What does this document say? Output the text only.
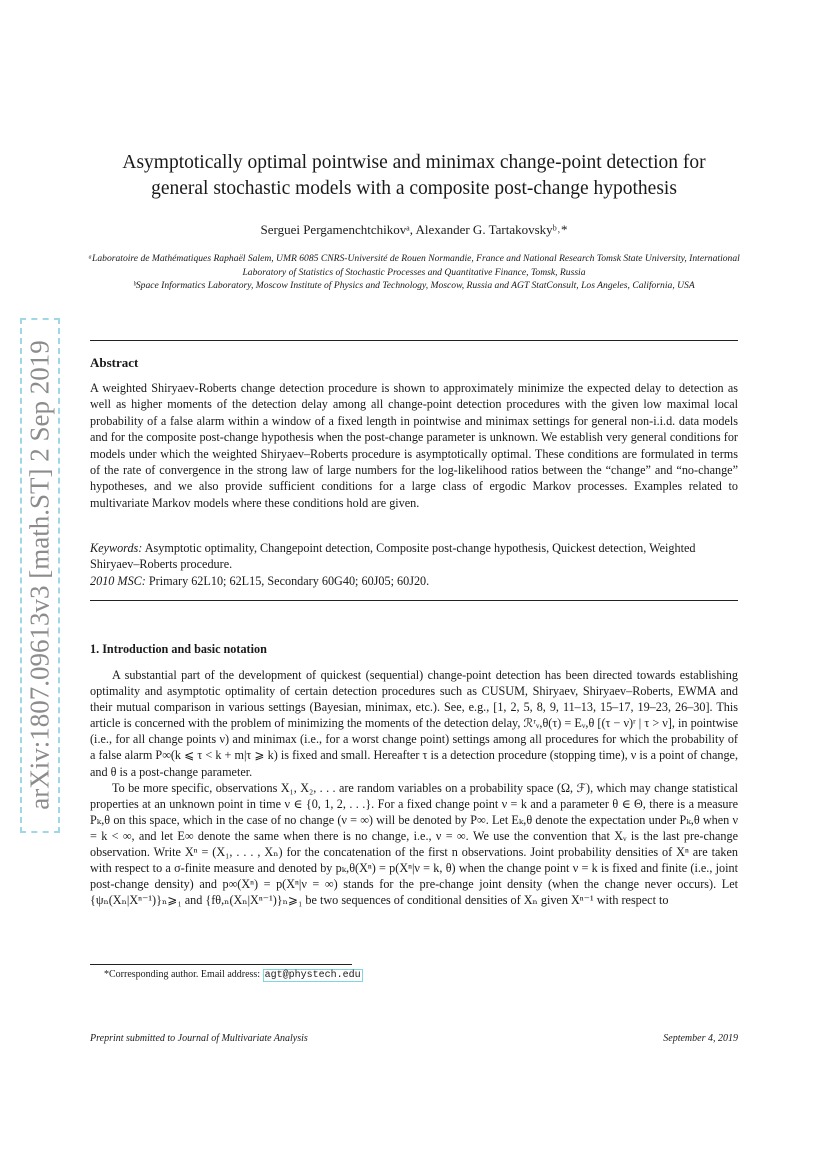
arXiv:1807.09613v3 [math.ST] 2 Sep 2019
Asymptotically optimal pointwise and minimax change-point detection for
general stochastic models with a composite post-change hypothesis
Serguei Pergamenchtchikovᵃ, Alexander G. Tartakovskyᵇ˒*
ᵃLaboratoire de Mathématiques Raphaël Salem, UMR 6085 CNRS-Université de Rouen Normandie, France and National Research Tomsk State University, International Laboratory of Statistics of Stochastic Processes and Quantitative Finance, Tomsk, Russia
ᵇSpace Informatics Laboratory, Moscow Institute of Physics and Technology, Moscow, Russia and AGT StatConsult, Los Angeles, California, USA
Abstract
A weighted Shiryaev-Roberts change detection procedure is shown to approximately minimize the expected delay to detection as well as higher moments of the detection delay among all change-point detection procedures with the given low maximal local probability of a false alarm within a window of a fixed length in pointwise and minimax settings for general non-i.i.d. data models and for the composite post-change hypothesis when the post-change parameter is unknown. We establish very general conditions for models under which the weighted Shiryaev–Roberts procedure is asymptotically optimal. These conditions are formulated in terms of the rate of convergence in the strong law of large numbers for the log-likelihood ratios between the “change” and “no-change” hypotheses, and we also provide sufficient conditions for a large class of ergodic Markov processes. Examples related to multivariate Markov models where these conditions hold are given.
Keywords: Asymptotic optimality, Changepoint detection, Composite post-change hypothesis, Quickest detection, Weighted Shiryaev–Roberts procedure.
2010 MSC: Primary 62L10; 62L15, Secondary 60G40; 60J05; 60J20.
1. Introduction and basic notation

A substantial part of the development of quickest (sequential) change-point detection has been directed towards establishing optimality and asymptotic optimality of certain detection procedures such as CUSUM, Shiryaev, Shiryaev–Roberts, EWMA and their mutual comparison in various settings (Bayesian, minimax, etc.). See, e.g., [1, 2, 5, 8, 9, 11–13, 15–17, 19–23, 26–30]. This article is concerned with the problem of minimizing the moments of the detection delay, ℛʳᵥ,θ(τ) = Eᵥ,θ [(τ − ν)ʳ | τ > ν], in pointwise (i.e., for all change points ν) and minimax (i.e., for a worst change point) settings among all procedures for which the probability of a false alarm P∞(k ⩽ τ < k + m|τ ⩾ k) is fixed and small. Hereafter τ is a detection procedure (stopping time), ν is a point of change, and θ is a post-change parameter.

To be more specific, observations X₁, X₂, . . . are random variables on a probability space (Ω, ℱ), which may change statistical properties at an unknown point in time ν ∈ {0, 1, 2, . . .}. For a fixed change point ν = k and a parameter θ ∈ Θ, there is a measure Pₖ,θ on this space, which in the case of no change (ν = ∞) will be denoted by P∞. Let Eₖ,θ denote the expectation under Pₖ,θ when ν = k < ∞, and let E∞ denote the same when there is no change, i.e., ν = ∞. We use the convention that Xᵥ is the last pre-change observation. Write Xⁿ = (X₁, . . . , Xₙ) for the concatenation of the first n observations. Joint probability densities of Xⁿ are taken with respect to a σ-finite measure and denoted by pₖ,θ(Xⁿ) = p(Xⁿ|ν = k, θ) when the change point ν = k is fixed and finite (i.e., joint post-change density) and p∞(Xⁿ) = p(Xⁿ|ν = ∞) stands for the pre-change joint density (when the change never occurs). Let {ψₙ(Xₙ|Xⁿ⁻¹)}ₙ⩾₁ and {fθ,ₙ(Xₙ|Xⁿ⁻¹)}ₙ⩾₁ be two sequences of conditional densities of Xₙ given Xⁿ⁻¹ with respect to

*Corresponding author. Email address: agt@phystech.edu
Preprint submitted to Journal of Multivariate Analysis	September 4, 2019
